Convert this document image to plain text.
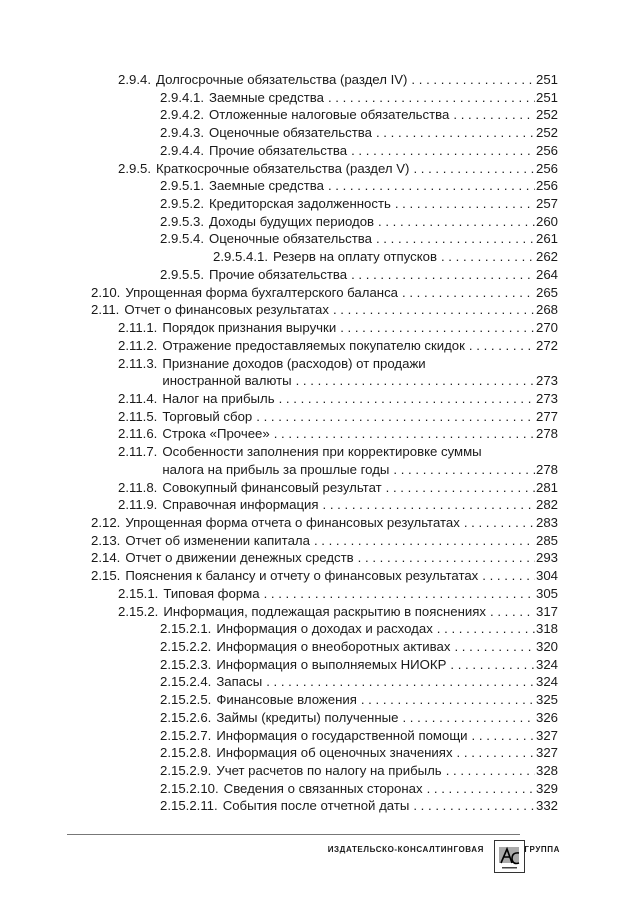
2.9.4. Долгосрочные обязательства (раздел IV) . . .	251
2.9.4.1. Заемные средства . . .	251
2.9.4.2. Отложенные налоговые обязательства . . .	252
2.9.4.3. Оценочные обязательства . . .	252
2.9.4.4. Прочие обязательства . . .	256
2.9.5. Краткосрочные обязательства (раздел V) . . .	256
2.9.5.1. Заемные средства . . .	256
2.9.5.2. Кредиторская задолженность . . .	257
2.9.5.3. Доходы будущих периодов . . .	260
2.9.5.4. Оценочные обязательства . . .	261
2.9.5.4.1. Резерв на оплату отпусков . . .	262
2.9.5.5. Прочие обязательства . . .	264
2.10. Упрощенная форма бухгалтерского баланса . . .	265
2.11. Отчет о финансовых результатах . . .	268
2.11.1. Порядок признания выручки . . .	270
2.11.2. Отражение предоставляемых покупателю скидок . . .	272
2.11.3. Признание доходов (расходов) от продажи
иностранной валюты . . .	273
2.11.4. Налог на прибыль . . .	273
2.11.5. Торговый сбор . . .	277
2.11.6. Строка «Прочее» . . .	278
2.11.7. Особенности заполнения при корректировке суммы
налога на прибыль за прошлые годы . . .	278
2.11.8. Совокупный финансовый результат . . .	281
2.11.9. Справочная информация . . .	282
2.12. Упрощенная форма отчета о финансовых результатах . . .	283
2.13. Отчет об изменении капитала . . .	285
2.14. Отчет о движении денежных средств . . .	293
2.15. Пояснения к балансу и отчету о финансовых результатах . . .	304
2.15.1. Типовая форма . . .	305
2.15.2. Информация, подлежащая раскрытию в пояснениях . . .	317
2.15.2.1. Информация о доходах и расходах . . .	318
2.15.2.2. Информация о внеоборотных активах . . .	320
2.15.2.3. Информация о выполняемых НИОКР . . .	324
2.15.2.4. Запасы . . .	324
2.15.2.5. Финансовые вложения . . .	325
2.15.2.6. Займы (кредиты) полученные . . .	326
2.15.2.7. Информация о государственной помощи . . .	327
2.15.2.8. Информация об оценочных значениях . . .	327
2.15.2.9. Учет расчетов по налогу на прибыль . . .	328
2.15.2.10. Сведения о связанных сторонах . . .	329
2.15.2.11. События после отчетной даты . . .	332
ИЗДАТЕЛЬСКО-КОНСАЛТИНГОВАЯ	ГРУППА
